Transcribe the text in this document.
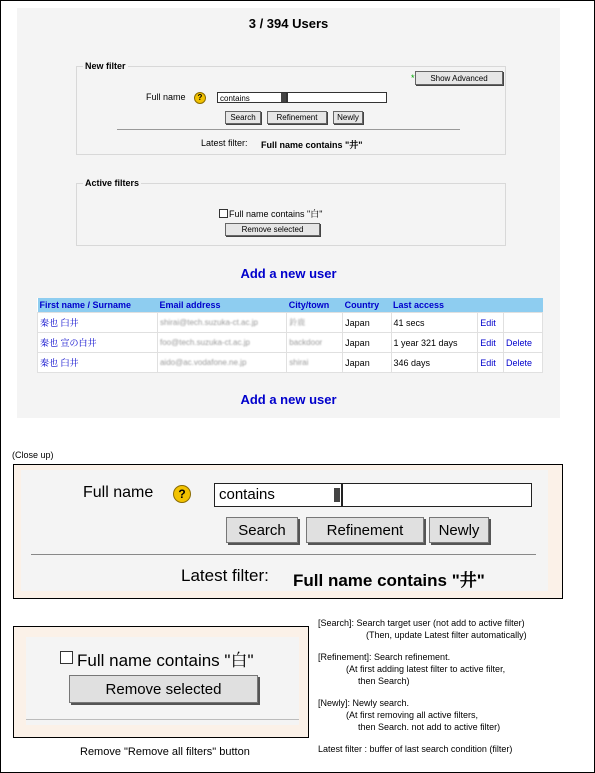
3 / 394 Users
New filter
*	Show Advanced
Full name	?	contains
Search	Refinement	Newly
Latest filter: Full name contains "井"
Active filters
Full name contains "白"
Remove selected
Add a new user
First name / Surname	Email address	City/town	Country	Last access		
秦也 臼井	shirai@tech.suzuka-ct.ac.jp	鈴鹿	Japan	41 secs	Edit	
秦也 宣の白井	foo@tech.suzuka-ct.ac.jp	backdoor	Japan	1 year 321 days	Edit	Delete
秦也 臼井	aido@ac.vodafone.ne.jp	shirai	Japan	346 days	Edit	Delete
Add a new user
(Close up)
Full name	?	contains
Search	Refinement	Newly
Latest filter: Full name contains "井"
Full name contains "白"
Remove selected
Remove "Remove all filters" button

[Search]: Search target user (not add to active filter)

(Then, update Latest filter automatically)

[Refinement]: Search refinement.

(At first adding latest filter to active filter,

then Search)

[Newly]: Newly search.

(At first removing all active filters,

then Search. not add to active filter)

Latest filter : buffer of last search condition (filter)
